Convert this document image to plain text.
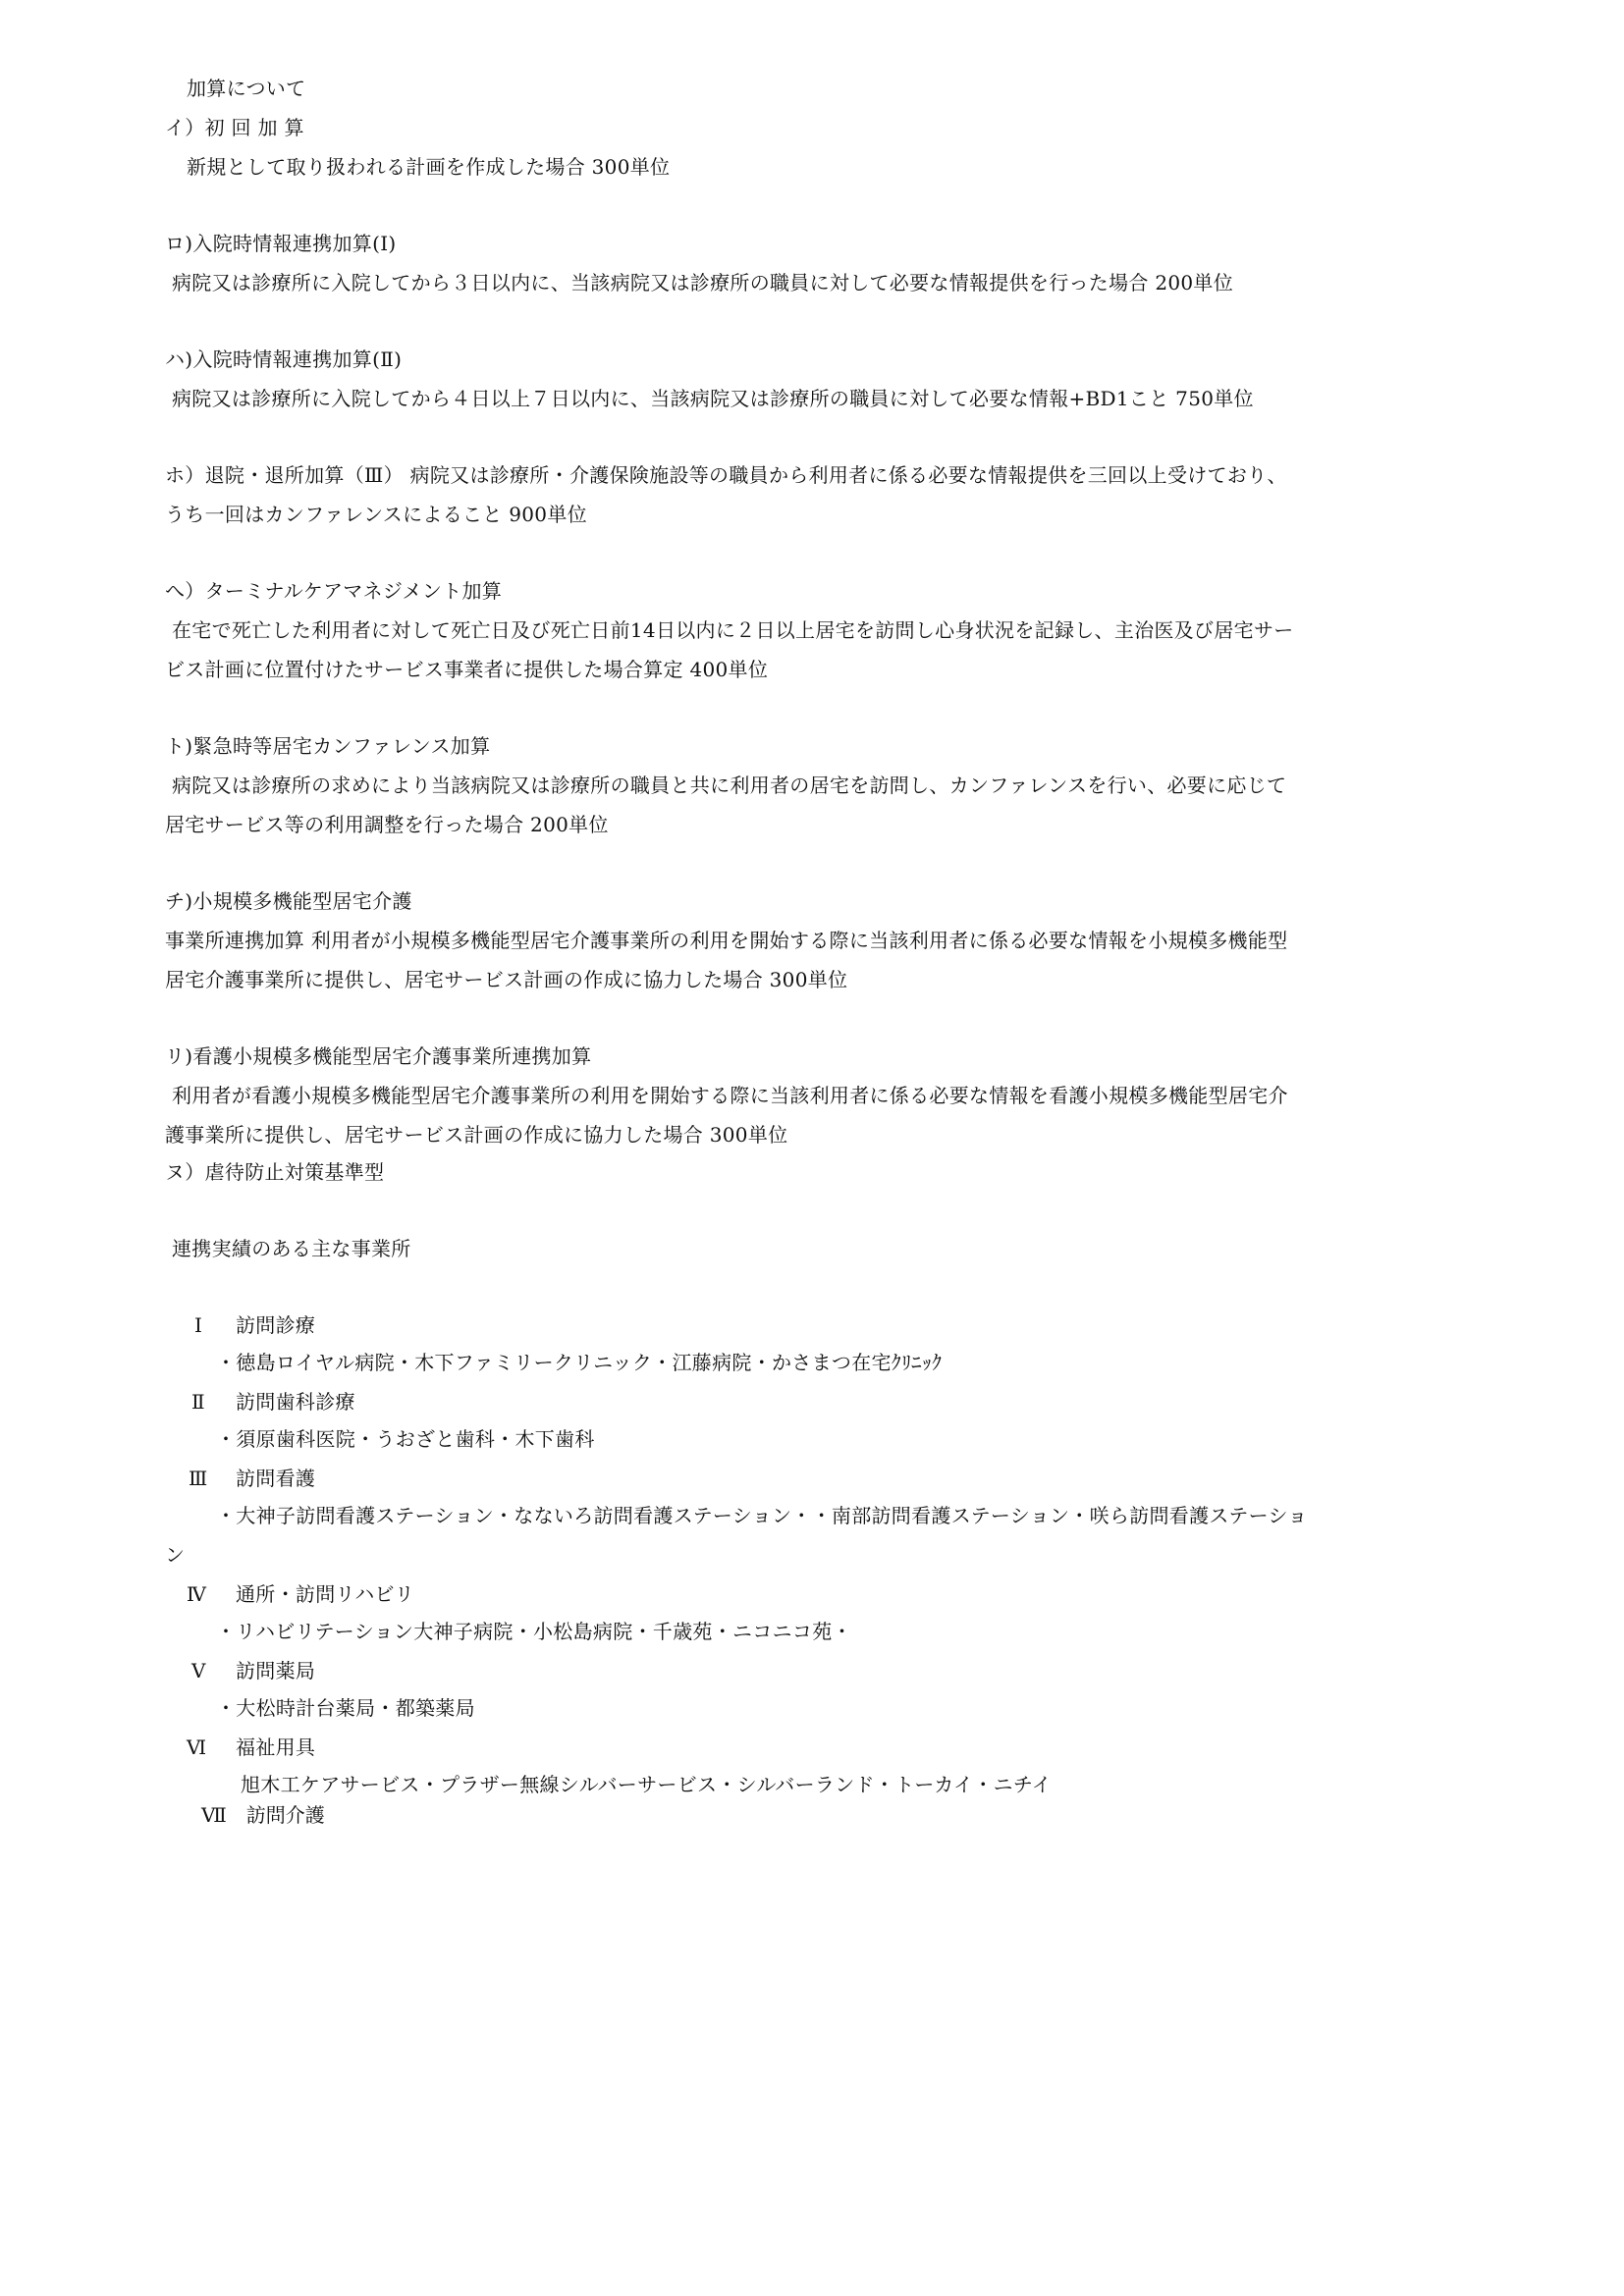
加算について
イ）初 回 加 算
新規として取り扱われる計画を作成した場合 300単位
ロ)入院時情報連携加算(Ⅰ)
病院又は診療所に入院してから３日以内に、当該病院又は診療所の職員に対して必要な情報提供を行った場合 200単位
ハ)入院時情報連携加算(Ⅱ)
病院又は診療所に入院してから４日以上７日以内に、当該病院又は診療所の職員に対して必要な情報+BD1こと 750単位
ホ）退院・退所加算（Ⅲ） 病院又は診療所・介護保険施設等の職員から利用者に係る必要な情報提供を三回以上受けており、
うち一回はカンファレンスによること 900単位
へ）ターミナルケアマネジメント加算
在宅で死亡した利用者に対して死亡日及び死亡日前14日以内に２日以上居宅を訪問し心身状況を記録し、主治医及び居宅サー
ビス計画に位置付けたサービス事業者に提供した場合算定 400単位
ト)緊急時等居宅カンファレンス加算
病院又は診療所の求めにより当該病院又は診療所の職員と共に利用者の居宅を訪問し、カンファレンスを行い、必要に応じて
居宅サービス等の利用調整を行った場合 200単位
チ)小規模多機能型居宅介護
事業所連携加算 利用者が小規模多機能型居宅介護事業所の利用を開始する際に当該利用者に係る必要な情報を小規模多機能型
居宅介護事業所に提供し、居宅サービス計画の作成に協力した場合 300単位
リ)看護小規模多機能型居宅介護事業所連携加算
利用者が看護小規模多機能型居宅介護事業所の利用を開始する際に当該利用者に係る必要な情報を看護小規模多機能型居宅介
護事業所に提供し、居宅サービス計画の作成に協力した場合 300単位
ヌ）虐待防止対策基準型
連携実績のある主な事業所
Ⅰ 訪問診療
・徳島ロイヤル病院・木下ファミリークリニック・江藤病院・かさまつ在宅ｸﾘﾆｯｸ
Ⅱ 訪問歯科診療
・須原歯科医院・うおざと歯科・木下歯科
Ⅲ 訪問看護
・大神子訪問看護ステーション・なないろ訪問看護ステーション・・南部訪問看護ステーション・咲ら訪問看護ステーショ
ン
Ⅳ 通所・訪問リハビリ
・リハビリテーション大神子病院・小松島病院・千歳苑・ニコニコ苑・
Ⅴ 訪問薬局
・大松時計台薬局・都築薬局
Ⅵ 福祉用具
旭木工ケアサービス・プラザー無線シルバーサービス・シルバーランド・トーカイ・ニチイ
Ⅶ　訪問介護
